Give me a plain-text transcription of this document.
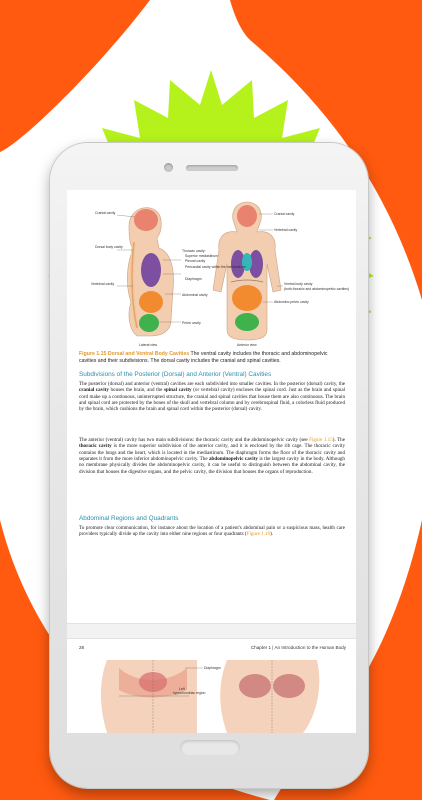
Cranial cavity
Dorsal body cavity
Vertebral cavity
Thoracic cavity:
Superior mediastinum
Pleural cavity
Pericardial cavity within the mediastinum
Diaphragm
Abdominal cavity
Pelvic cavity
Cranial cavity
Vertebral cavity
Ventral body cavity
(both thoracic and abdominopelvic cavities)
Abdomino-pelvic cavity
Lateral view	Anterior view
Figure 1.15 Dorsal and Ventral Body Cavities The ventral cavity includes the thoracic and abdominopelvic cavities and their subdivisions. The dorsal cavity includes the cranial and spinal cavities.
Subdivisions of the Posterior (Dorsal) and Anterior (Ventral) Cavities
The posterior (dorsal) and anterior (ventral) cavities are each subdivided into smaller cavities. In the posterior (dorsal) cavity, the cranial cavity houses the brain, and the spinal cavity (or vertebral cavity) encloses the spinal cord. Just as the brain and spinal cord make up a continuous, uninterrupted structure, the cranial and spinal cavities that house them are also continuous. The brain and spinal cord are protected by the bones of the skull and vertebral column and by cerebrospinal fluid, a colorless fluid produced by the brain, which cushions the brain and spinal cord within the posterior (dorsal) cavity.
The anterior (ventral) cavity has two main subdivisions: the thoracic cavity and the abdominopelvic cavity (see Figure 1.15). The thoracic cavity is the more superior subdivision of the anterior cavity, and it is enclosed by the rib cage. The thoracic cavity contains the lungs and the heart, which is located in the mediastinum. The diaphragm forms the floor of the thoracic cavity and separates it from the more inferior abdominopelvic cavity. The abdominopelvic cavity is the largest cavity in the body. Although no membrane physically divides the abdominopelvic cavity, it can be useful to distinguish between the abdominal cavity, the division that houses the digestive organs, and the pelvic cavity, the division that houses the organs of reproduction.
Abdominal Regions and Quadrants
To promote clear communication, for instance about the location of a patient's abdominal pain or a suspicious mass, health care providers typically divide up the cavity into either nine regions or four quadrants (Figure 1.16).
28	Chapter 1 | An Introduction to the Human Body
Diaphragm
Left
hypochondriac region
